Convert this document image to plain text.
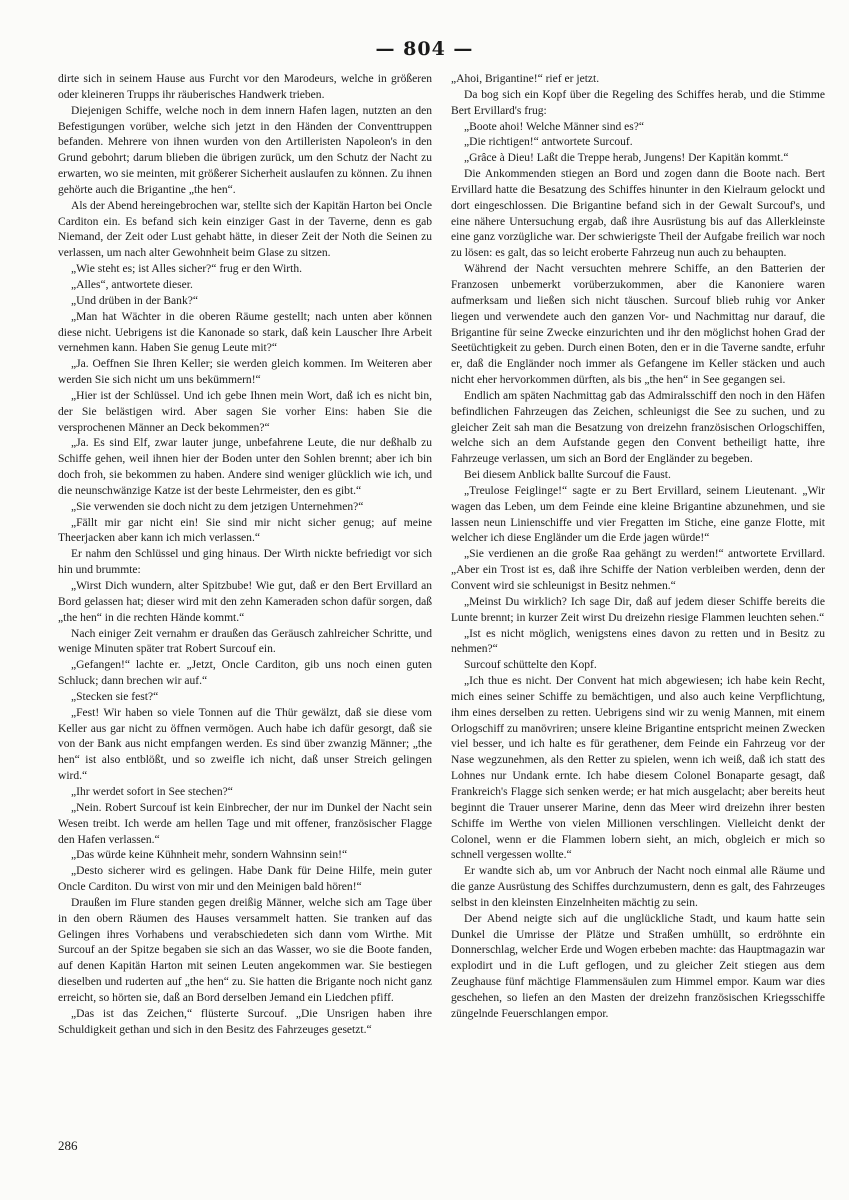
— 804 —

dirte sich in seinem Hause aus Furcht vor den Marodeurs, welche in größeren oder kleineren Trupps ihr räuberisches Handwerk trieben.

Diejenigen Schiffe, welche noch in dem innern Hafen lagen, nutzten an den Befestigungen vorüber, welche sich jetzt in den Händen der Conventtruppen befanden. Mehrere von ihnen wurden von den Artilleristen Napoleon's in den Grund gebohrt; darum blieben die übrigen zurück, um den Schutz der Nacht zu erwarten, wo sie meinten, mit größerer Sicherheit auslaufen zu können. Zu ihnen gehörte auch die Brigantine „the hen“.

Als der Abend hereingebrochen war, stellte sich der Kapitän Harton bei Oncle Carditon ein. Es befand sich kein einziger Gast in der Taverne, denn es gab Niemand, der Zeit oder Lust gehabt hätte, in dieser Zeit der Noth die Seinen zu verlassen, um nach alter Gewohnheit beim Glase zu sitzen.

„Wie steht es; ist Alles sicher?“ frug er den Wirth.

„Alles“, antwortete dieser.

„Und drüben in der Bank?“

„Man hat Wächter in die oberen Räume gestellt; nach unten aber können diese nicht. Uebrigens ist die Kanonade so stark, daß kein Lauscher Ihre Arbeit vernehmen kann. Haben Sie genug Leute mit?“

„Ja. Oeffnen Sie Ihren Keller; sie werden gleich kommen. Im Weiteren aber werden Sie sich nicht um uns bekümmern!“

„Hier ist der Schlüssel. Und ich gebe Ihnen mein Wort, daß ich es nicht bin, der Sie belästigen wird. Aber sagen Sie vorher Eins: haben Sie die versprochenen Männer an Deck bekommen?“

„Ja. Es sind Elf, zwar lauter junge, unbefahrene Leute, die nur deßhalb zu Schiffe gehen, weil ihnen hier der Boden unter den Sohlen brennt; aber ich bin doch froh, sie bekommen zu haben. Andere sind weniger glücklich wie ich, und die neunschwänzige Katze ist der beste Lehrmeister, den es gibt.“

„Sie verwenden sie doch nicht zu dem jetzigen Unternehmen?“

„Fällt mir gar nicht ein! Sie sind mir nicht sicher genug; auf meine Theerjacken aber kann ich mich verlassen.“

Er nahm den Schlüssel und ging hinaus. Der Wirth nickte befriedigt vor sich hin und brummte:

„Wirst Dich wundern, alter Spitzbube! Wie gut, daß er den Bert Ervillard an Bord gelassen hat; dieser wird mit den zehn Kameraden schon dafür sorgen, daß „the hen“ in die rechten Hände kommt.“

Nach einiger Zeit vernahm er draußen das Geräusch zahlreicher Schritte, und wenige Minuten später trat Robert Surcouf ein.

„Gefangen!“ lachte er. „Jetzt, Oncle Carditon, gib uns noch einen guten Schluck; dann brechen wir auf.“

„Stecken sie fest?“

„Fest! Wir haben so viele Tonnen auf die Thür gewälzt, daß sie diese vom Keller aus gar nicht zu öffnen vermögen. Auch habe ich dafür gesorgt, daß sie von der Bank aus nicht empfangen werden. Es sind über zwanzig Männer; „the hen“ ist also entblößt, und so zweifle ich nicht, daß unser Streich gelingen wird.“

„Ihr werdet sofort in See stechen?“

„Nein. Robert Surcouf ist kein Einbrecher, der nur im Dunkel der Nacht sein Wesen treibt. Ich werde am hellen Tage und mit offener, französischer Flagge den Hafen verlassen.“

„Das würde keine Kühnheit mehr, sondern Wahnsinn sein!“

„Desto sicherer wird es gelingen. Habe Dank für Deine Hilfe, mein guter Oncle Carditon. Du wirst von mir und den Meinigen bald hören!“

Draußen im Flure standen gegen dreißig Männer, welche sich am Tage über in den obern Räumen des Hauses versammelt hatten. Sie tranken auf das Gelingen ihres Vorhabens und verabschiedeten sich dann vom Wirthe. Mit Surcouf an der Spitze begaben sie sich an das Wasser, wo sie die Boote fanden, auf denen Kapitän Harton mit seinen Leuten angekommen war. Sie bestiegen dieselben und ruderten auf „the hen“ zu. Sie hatten die Brigante noch nicht ganz erreicht, so hörten sie, daß an Bord derselben Jemand ein Liedchen pfiff.

„Das ist das Zeichen,“ flüsterte Surcouf. „Die Unsrigen haben ihre Schuldigkeit gethan und sich in den Besitz des Fahrzeuges gesetzt.“

„Ahoi, Brigantine!“ rief er jetzt.

Da bog sich ein Kopf über die Regeling des Schiffes herab, und die Stimme Bert Ervillard's frug:

„Boote ahoi! Welche Männer sind es?“

„Die richtigen!“ antwortete Surcouf.

„Grâce à Dieu! Laßt die Treppe herab, Jungens! Der Kapitän kommt.“

Die Ankommenden stiegen an Bord und zogen dann die Boote nach. Bert Ervillard hatte die Besatzung des Schiffes hinunter in den Kielraum gelockt und dort eingeschlossen. Die Brigantine befand sich in der Gewalt Surcouf's, und eine nähere Untersuchung ergab, daß ihre Ausrüstung bis auf das Allerkleinste eine ganz vorzügliche war. Der schwierigste Theil der Aufgabe freilich war noch zu lösen: es galt, das so leicht eroberte Fahrzeug nun auch zu behaupten.

Während der Nacht versuchten mehrere Schiffe, an den Batterien der Franzosen unbemerkt vorüberzukommen, aber die Kanoniere waren aufmerksam und ließen sich nicht täuschen. Surcouf blieb ruhig vor Anker liegen und verwendete auch den ganzen Vor- und Nachmittag nur darauf, die Brigantine für seine Zwecke einzurichten und ihr den möglichst hohen Grad der Seetüchtigkeit zu geben. Durch einen Boten, den er in die Taverne sandte, erfuhr er, daß die Engländer noch immer als Gefangene im Keller stäcken und auch nicht eher hervorkommen dürften, als bis „the hen“ in See gegangen sei.

Endlich am späten Nachmittag gab das Admiralsschiff den noch in den Häfen befindlichen Fahrzeugen das Zeichen, schleunigst die See zu suchen, und zu gleicher Zeit sah man die Besatzung von dreizehn französischen Orlogschiffen, welche sich an dem Aufstande gegen den Convent betheiligt hatte, ihre Fahrzeuge verlassen, um sich an Bord der Engländer zu begeben.

Bei diesem Anblick ballte Surcouf die Faust.

„Treulose Feiglinge!“ sagte er zu Bert Ervillard, seinem Lieutenant. „Wir wagen das Leben, um dem Feinde eine kleine Brigantine abzunehmen, und sie lassen neun Linienschiffe und vier Fregatten im Stiche, eine ganze Flotte, mit welcher ich diese Engländer um die Erde jagen würde!“

„Sie verdienen an die große Raa gehängt zu werden!“ antwortete Ervillard. „Aber ein Trost ist es, daß ihre Schiffe der Nation verbleiben werden, denn der Convent wird sie schleunigst in Besitz nehmen.“

„Meinst Du wirklich? Ich sage Dir, daß auf jedem dieser Schiffe bereits die Lunte brennt; in kurzer Zeit wirst Du dreizehn riesige Flammen leuchten sehen.“

„Ist es nicht möglich, wenigstens eines davon zu retten und in Besitz zu nehmen?“

Surcouf schüttelte den Kopf.

„Ich thue es nicht. Der Convent hat mich abgewiesen; ich habe kein Recht, mich eines seiner Schiffe zu bemächtigen, und also auch keine Verpflichtung, ihm eines derselben zu retten. Uebrigens sind wir zu wenig Mannen, mit einem Orlogschiff zu manövriren; unsere kleine Brigantine entspricht meinen Zwecken viel besser, und ich halte es für gerathener, dem Feinde ein Fahrzeug vor der Nase wegzunehmen, als den Retter zu spielen, wenn ich weiß, daß ich statt des Lohnes nur Undank ernte. Ich habe diesem Colonel Bonaparte gesagt, daß Frankreich's Flagge sich senken werde; er hat mich ausgelacht; aber bereits heut beginnt die Trauer unserer Marine, denn das Meer wird dreizehn ihrer besten Schiffe im Werthe von vielen Millionen verschlingen. Vielleicht denkt der Colonel, wenn er die Flammen lobern sieht, an mich, obgleich er mich so schnell vergessen wollte.“

Er wandte sich ab, um vor Anbruch der Nacht noch einmal alle Räume und die ganze Ausrüstung des Schiffes durchzumustern, denn es galt, des Fahrzeuges selbst in den kleinsten Einzelnheiten mächtig zu sein.

Der Abend neigte sich auf die unglückliche Stadt, und kaum hatte sein Dunkel die Umrisse der Plätze und Straßen umhüllt, so erdröhnte ein Donnerschlag, welcher Erde und Wogen erbeben machte: das Hauptmagazin war explodirt und in die Luft geflogen, und zu gleicher Zeit stiegen aus dem Zeughause fünf mächtige Flammensäulen zum Himmel empor. Kaum war dies geschehen, so liefen an den Masten der dreizehn französischen Kriegsschiffe züngelnde Feuerschlangen empor.

286
